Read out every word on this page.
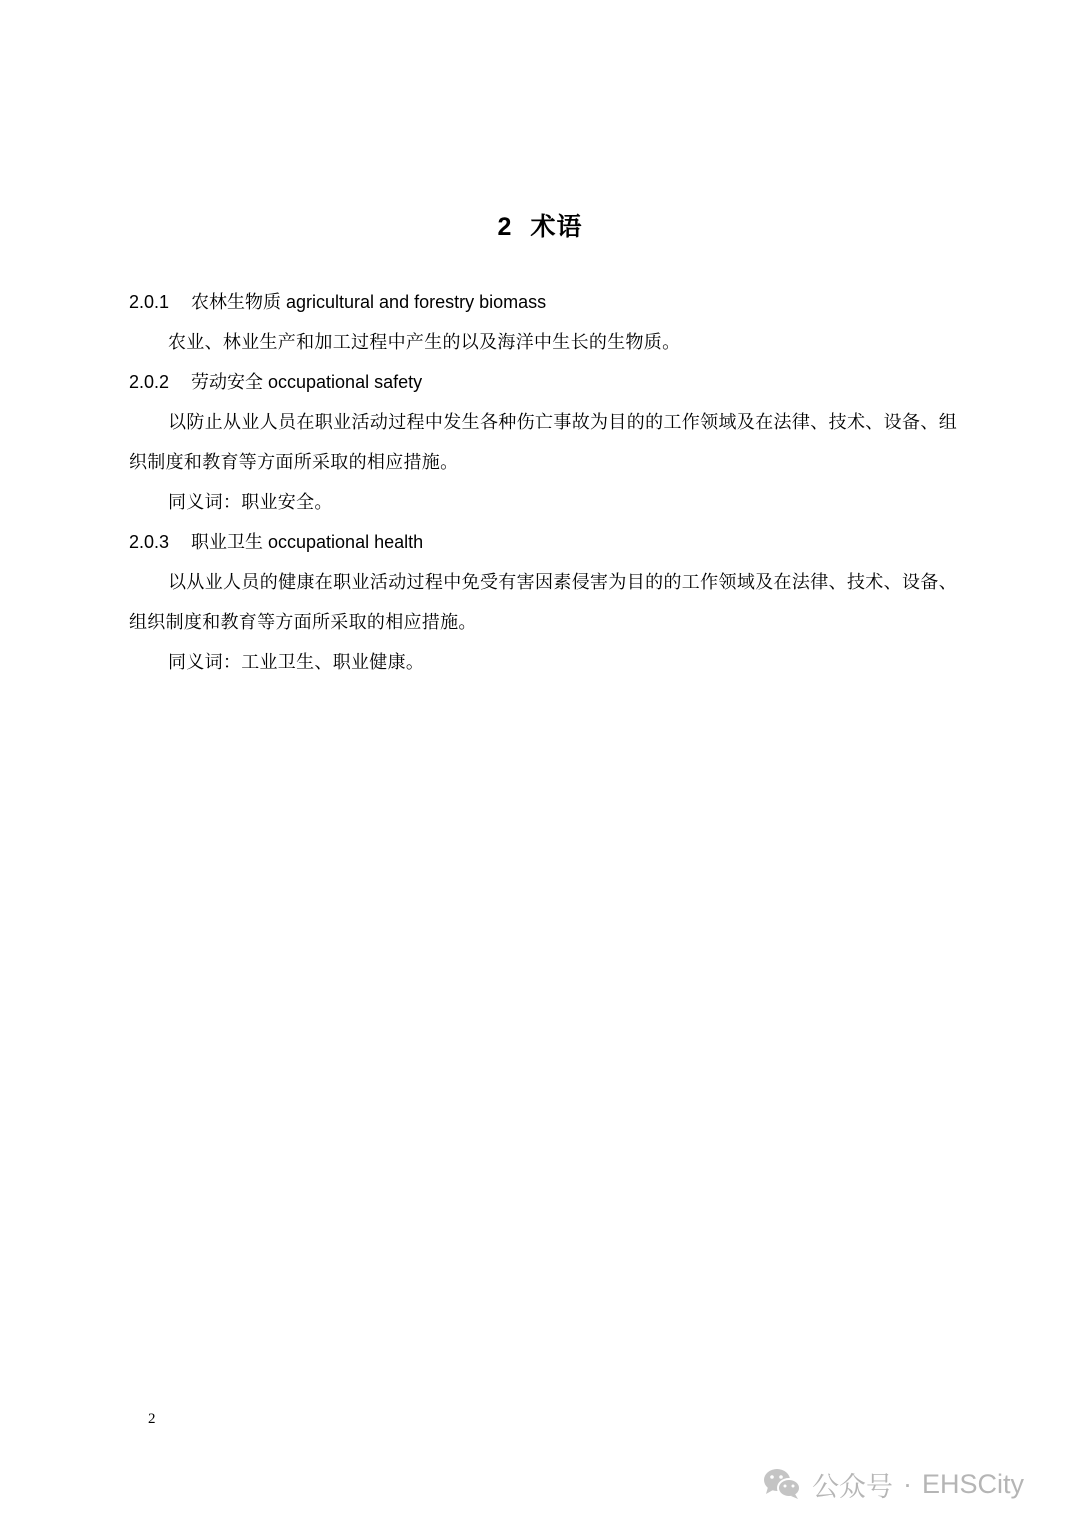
2 术语
2.0.1 农林生物质 agricultural and forestry biomass
农业、林业生产和加工过程中产生的以及海洋中生长的生物质。
2.0.2 劳动安全 occupational safety
以防止从业人员在职业活动过程中发生各种伤亡事故为目的的工作领域及在法律、技术、设备、组织制度和教育等方面所采取的相应措施。
同义词：职业安全。
2.0.3 职业卫生 occupational health
以从业人员的健康在职业活动过程中免受有害因素侵害为目的的工作领域及在法律、技术、设备、组织制度和教育等方面所采取的相应措施。
同义词：工业卫生、职业健康。
2
公众号 · EHSCity
